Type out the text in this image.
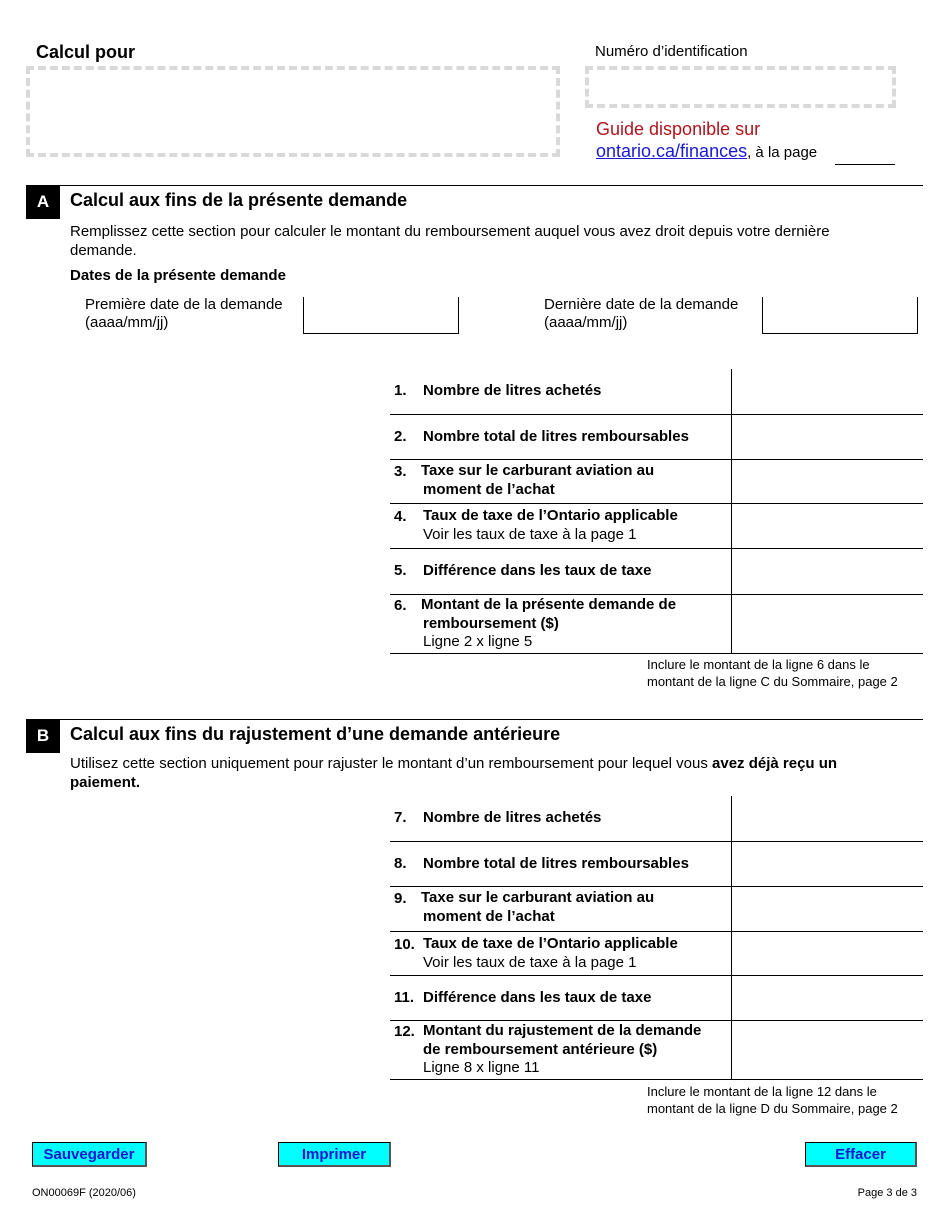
Calcul pour	Numéro d’identification
Guide disponible sur
ontario.ca/finances, à la page
A	Calcul aux fins de la présente demande
Remplissez cette section pour calculer le montant du remboursement auquel vous avez droit depuis votre dernière
demande.
Dates de la présente demande
Première date de la demande
(aaaa/mm/jj)
Dernière date de la demande
(aaaa/mm/jj)
1. Nombre de litres achetés
2. Nombre total de litres remboursables
3. Taxe sur le carburant aviation au
moment de l’achat
4. Taux de taxe de l’Ontario applicable
Voir les taux de taxe à la page 1
5. Différence dans les taux de taxe
6. Montant de la présente demande de
remboursement ($)
Ligne 2 x ligne 5
Inclure le montant de la ligne 6 dans le
montant de la ligne C du Sommaire, page 2
B	Calcul aux fins du rajustement d’une demande antérieure
Utilisez cette section uniquement pour rajuster le montant d’un remboursement pour lequel vous avez déjà reçu un
paiement.
7. Nombre de litres achetés
8. Nombre total de litres remboursables
9. Taxe sur le carburant aviation au
moment de l’achat
10. Taux de taxe de l’Ontario applicable
Voir les taux de taxe à la page 1
11. Différence dans les taux de taxe
12. Montant du rajustement de la demande
de remboursement antérieure ($)
Ligne 8 x ligne 11
Inclure le montant de la ligne 12 dans le
montant de la ligne D du Sommaire, page 2
Sauvegarder	Imprimer	Effacer
ON00069F (2020/06)	Page 3 de 3
